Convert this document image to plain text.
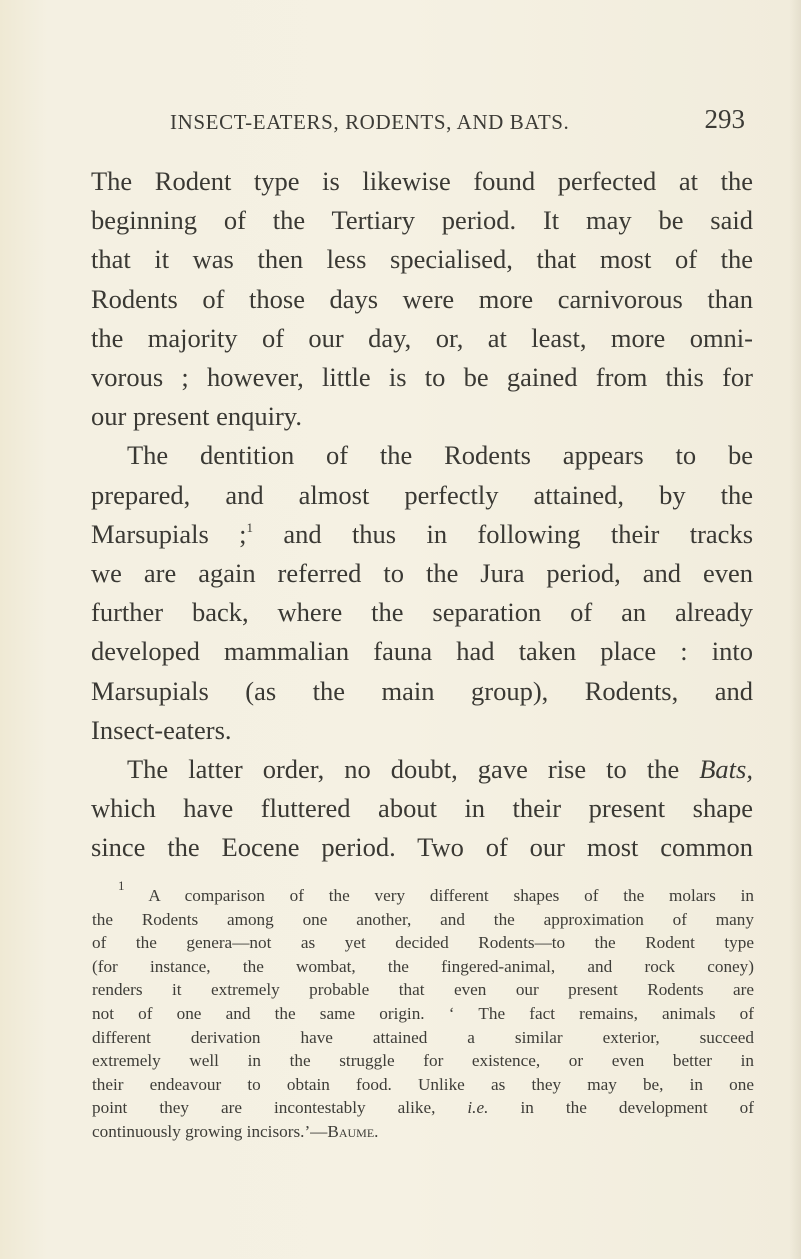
INSECT-EATERS, RODENTS, AND BATS.	293
The Rodent type is likewise found perfected at the
beginning of the Tertiary period. It may be said
that it was then less specialised, that most of the
Rodents of those days were more carnivorous than
the majority of our day, or, at least, more omni-
vorous ; however, little is to be gained from this for
our present enquiry.
The dentition of the Rodents appears to be
prepared, and almost perfectly attained, by the
Marsupials ;$^1$ and thus in following their tracks
we are again referred to the Jura period, and even
further back, where the separation of an already
developed mammalian fauna had taken place : into
Marsupials (as the main group), Rodents, and
Insect-eaters.
The latter order, no doubt, gave rise to the Bats,
which have fluttered about in their present shape
since the Eocene period. Two of our most common
$^1$ A comparison of the very different shapes of the molars in
the Rodents among one another, and the approximation of many
of the genera—not as yet decided Rodents—to the Rodent type
(for instance, the wombat, the fingered-animal, and rock coney)
renders it extremely probable that even our present Rodents are
not of one and the same origin. ‘ The fact remains, animals of
different derivation have attained a similar exterior, succeed
extremely well in the struggle for existence, or even better in
their endeavour to obtain food. Unlike as they may be, in one
point they are incontestably alike, i.e. in the development of
continuously growing incisors.’—Baume.
